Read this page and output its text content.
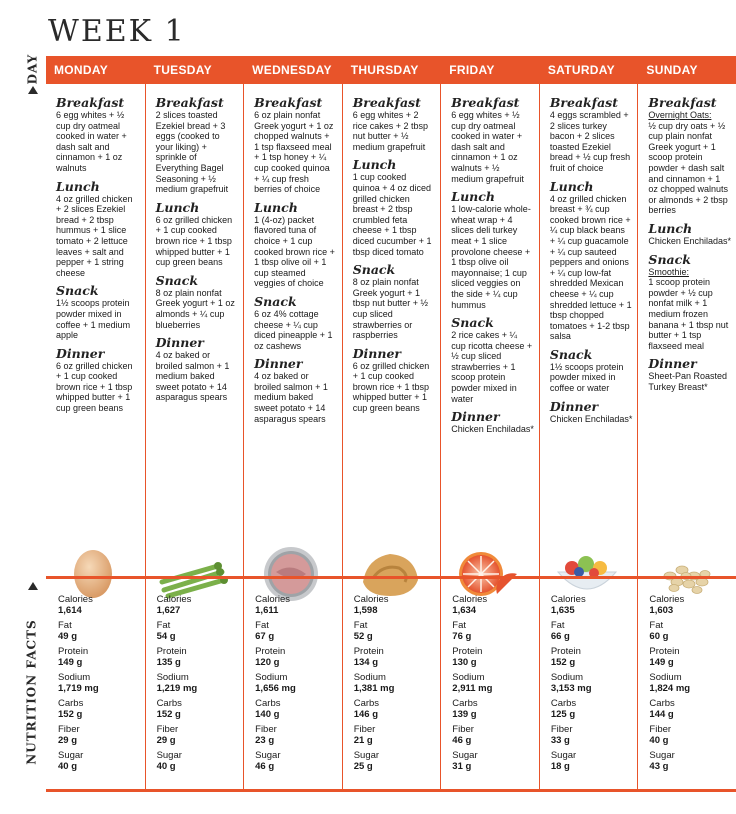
WEEK 1
DAY
NUTRITION FACTS
MONDAY
Breakfast
6 egg whites + ½ cup dry oatmeal cooked in water + dash salt and cinnamon + 1 oz walnuts
Lunch
4 oz grilled chicken + 2 slices Ezekiel bread + 2 tbsp hummus + 1 slice tomato + 2 lettuce leaves + salt and pepper + 1 string cheese
Snack
1½ scoops protein powder mixed in coffee + 1 medium apple
Dinner
6 oz grilled chicken + 1 cup cooked brown rice + 1 tbsp whipped butter + 1 cup green beans
TUESDAY
Breakfast
2 slices toasted Ezekiel bread + 3 eggs (cooked to your liking) + sprinkle of Everything Bagel Seasoning + ½ medium grapefruit
Lunch
6 oz grilled chicken + 1 cup cooked brown rice + 1 tbsp whipped butter + 1 cup green beans
Snack
8 oz plain nonfat Greek yogurt + 1 oz almonds + ¼ cup blueberries
Dinner
4 oz baked or broiled salmon + 1 medium baked sweet potato + 14 asparagus spears
WEDNESDAY
Breakfast
6 oz plain nonfat Greek yogurt + 1 oz chopped walnuts + 1 tsp flaxseed meal + 1 tsp honey + ¼ cup cooked quinoa + ¼ cup fresh berries of choice
Lunch
1 (4-oz) packet flavored tuna of choice + 1 cup cooked brown rice + 1 tbsp olive oil + 1 cup steamed veggies of choice
Snack
6 oz 4% cottage cheese + ¼ cup diced pineapple + 1 oz cashews
Dinner
4 oz baked or broiled salmon + 1 medium baked sweet potato + 14 asparagus spears
THURSDAY
Breakfast
6 egg whites + 2 rice cakes + 2 tbsp nut butter + ½ medium grapefruit
Lunch
1 cup cooked quinoa + 4 oz diced grilled chicken breast + 2 tbsp crumbled feta cheese + 1 tbsp diced cucumber + 1 tbsp diced tomato
Snack
8 oz plain nonfat Greek yogurt + 1 tbsp nut butter + ½ cup sliced strawberries or raspberries
Dinner
6 oz grilled chicken + 1 cup cooked brown rice + 1 tbsp whipped butter + 1 cup green beans
FRIDAY
Breakfast
6 egg whites + ½ cup dry oatmeal cooked in water + dash salt and cinnamon + 1 oz walnuts + ½ medium grapefruit
Lunch
1 low-calorie whole-wheat wrap + 4 slices deli turkey meat + 1 slice provolone cheese + 1 tbsp olive oil mayonnaise; 1 cup sliced veggies on the side + ¼ cup hummus
Snack
2 rice cakes + ¼ cup ricotta cheese + ½ cup sliced strawberries + 1 scoop protein powder mixed in water
Dinner
Chicken Enchiladas*
SATURDAY
Breakfast
4 eggs scrambled + 2 slices turkey bacon + 2 slices toasted Ezekiel bread + ½ cup fresh fruit of choice
Lunch
4 oz grilled chicken breast + ¾ cup cooked brown rice + ¼ cup black beans + ¼ cup guacamole + ¼ cup sauteed peppers and onions + ¼ cup low-fat shredded Mexican cheese + ¼ cup shredded lettuce + 1 tbsp chopped tomatoes + 1-2 tbsp salsa
Snack
1½ scoops protein powder mixed in coffee or water
Dinner
Chicken Enchiladas*
SUNDAY
Breakfast
Overnight Oats:
½ cup dry oats + ½ cup plain nonfat Greek yogurt + 1 scoop protein powder + dash salt and cinnamon + 1 oz chopped walnuts or almonds + 2 tbsp berries
Lunch
Chicken Enchiladas*
Snack
Smoothie:
1 scoop protein powder + ½ cup nonfat milk + 1 medium frozen banana + 1 tbsp nut butter + 1 tsp flaxseed meal
Dinner
Sheet-Pan Roasted Turkey Breast*
Calories
1,614
Fat
49 g
Protein
149 g
Sodium
1,719 mg
Carbs
152 g
Fiber
29 g
Sugar
40 g
Calories
1,627
Fat
54 g
Protein
135 g
Sodium
1,219 mg
Carbs
152 g
Fiber
29 g
Sugar
40 g
Calories
1,611
Fat
67 g
Protein
120 g
Sodium
1,656 mg
Carbs
140 g
Fiber
23 g
Sugar
46 g
Calories
1,598
Fat
52 g
Protein
134 g
Sodium
1,381 mg
Carbs
146 g
Fiber
21 g
Sugar
25 g
Calories
1,634
Fat
76 g
Protein
130 g
Sodium
2,911 mg
Carbs
139 g
Fiber
46 g
Sugar
31 g
Calories
1,635
Fat
66 g
Protein
152 g
Sodium
3,153 mg
Carbs
125 g
Fiber
33 g
Sugar
18 g
Calories
1,603
Fat
60 g
Protein
149 g
Sodium
1,824 mg
Carbs
144 g
Fiber
40 g
Sugar
43 g
